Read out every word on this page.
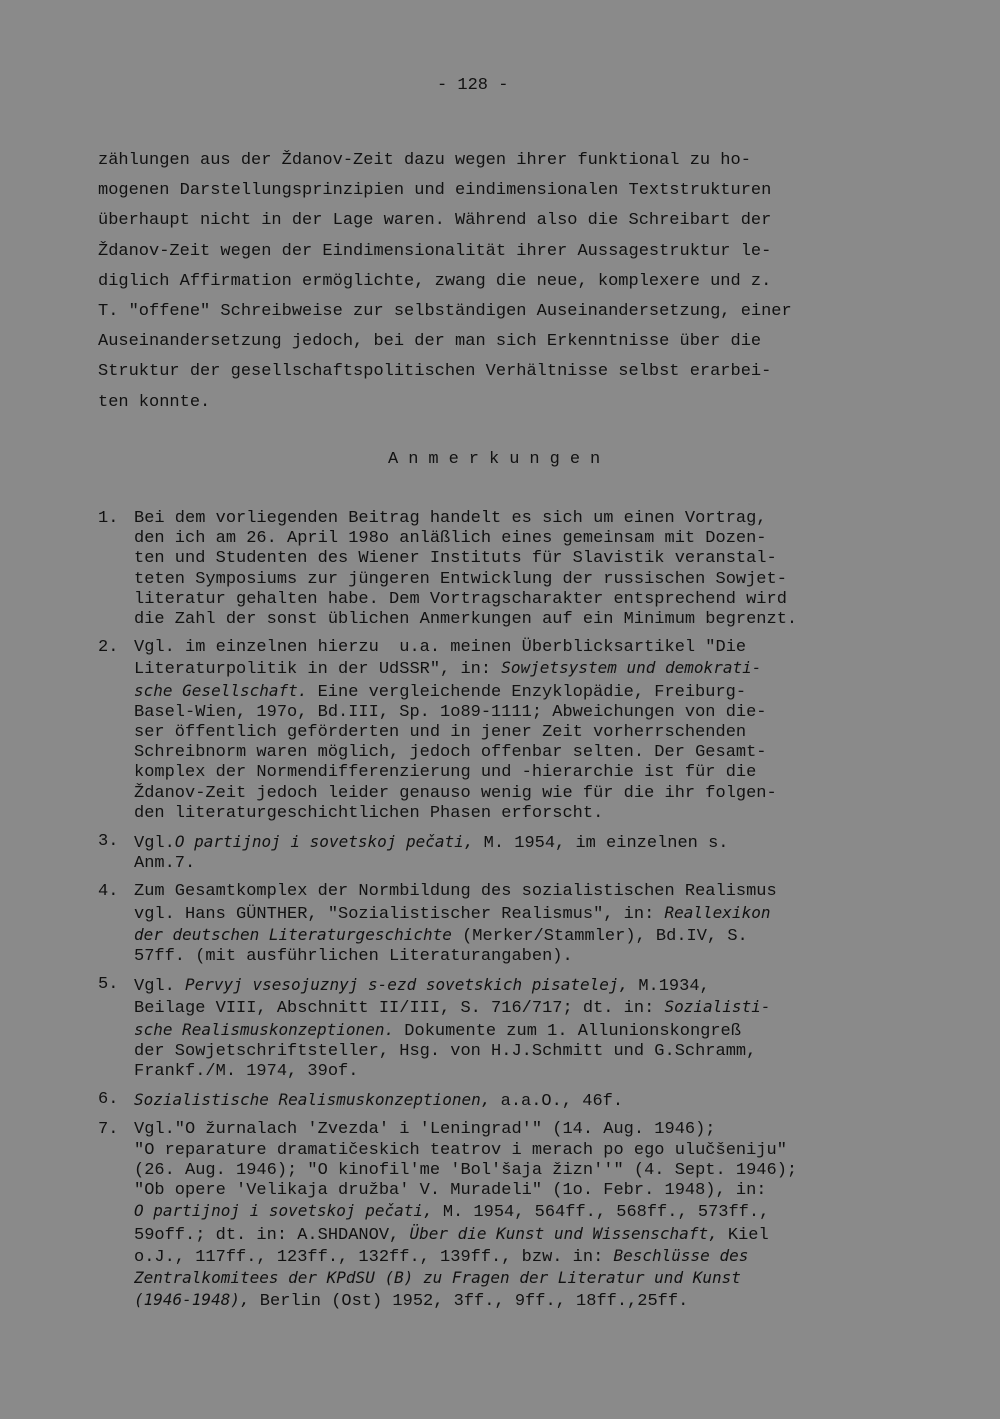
- 128 -
zählungen aus der Ždanov-Zeit dazu wegen ihrer funktional zu ho-
mogenen Darstellungsprinzipien und eindimensionalen Textstrukturen
überhaupt nicht in der Lage waren. Während also die Schreibart der
Ždanov-Zeit wegen der Eindimensionalität ihrer Aussagestruktur le-
diglich Affirmation ermöglichte, zwang die neue, komplexere und z.
T. "offene" Schreibweise zur selbständigen Auseinandersetzung, einer
Auseinandersetzung jedoch, bei der man sich Erkenntnisse über die
Struktur der gesellschaftspolitischen Verhältnisse selbst erarbei-
ten konnte.
Anmerkungen
1. Bei dem vorliegenden Beitrag handelt es sich um einen Vortrag,
den ich am 26. April 198o anläßlich eines gemeinsam mit Dozen-
ten und Studenten des Wiener Instituts für Slavistik veranstal-
teten Symposiums zur jüngeren Entwicklung der russischen Sowjet-
literatur gehalten habe. Dem Vortragscharakter entsprechend wird
die Zahl der sonst üblichen Anmerkungen auf ein Minimum begrenzt.
2. Vgl. im einzelnen hierzu  u.a. meinen Überblicksartikel "Die
Literaturpolitik in der UdSSR", in: Sowjetsystem und demokrati-
sche Gesellschaft. Eine vergleichende Enzyklopädie, Freiburg-
Basel-Wien, 197o, Bd.III, Sp. 1o89-1111; Abweichungen von die-
ser öffentlich geförderten und in jener Zeit vorherrschenden
Schreibnorm waren möglich, jedoch offenbar selten. Der Gesamt-
komplex der Normendifferenzierung und -hierarchie ist für die
Ždanov-Zeit jedoch leider genauso wenig wie für die ihr folgen-
den literaturgeschichtlichen Phasen erforscht.
3. Vgl.O partijnoj i sovetskoj pečati, M. 1954, im einzelnen s.
Anm.7.
4. Zum Gesamtkomplex der Normbildung des sozialistischen Realismus
vgl. Hans GÜNTHER, "Sozialistischer Realismus", in: Reallexikon
der deutschen Literaturgeschichte (Merker/Stammler), Bd.IV, S.
57ff. (mit ausführlichen Literaturangaben).
5. Vgl. Pervyj vsesojuznyj s-ezd sovetskich pisatelej, M.1934,
Beilage VIII, Abschnitt II/III, S. 716/717; dt. in: Sozialisti-
sche Realismuskonzeptionen. Dokumente zum 1. Allunionskongreß
der Sowjetschriftsteller, Hsg. von H.J.Schmitt und G.Schramm,
Frankf./M. 1974, 39of.
6. Sozialistische Realismuskonzeptionen, a.a.O., 46f.
7. Vgl."O žurnalach 'Zvezda' i 'Leningrad'" (14. Aug. 1946);
"O reparature dramatičeskich teatrov i merach po ego ulučšeniju"
(26. Aug. 1946); "O kinofil'me 'Bol'šaja žizn''" (4. Sept. 1946);
"Ob opere 'Velikaja družba' V. Muradeli" (1o. Febr. 1948), in:
O partijnoj i sovetskoj pečati, M. 1954, 564ff., 568ff., 573ff.,
59off.; dt. in: A.SHDANOV, Über die Kunst und Wissenschaft, Kiel
o.J., 117ff., 123ff., 132ff., 139ff., bzw. in: Beschlüsse des
Zentralkomitees der KPdSU (B) zu Fragen der Literatur und Kunst
(1946-1948), Berlin (Ost) 1952, 3ff., 9ff., 18ff.,25ff.
